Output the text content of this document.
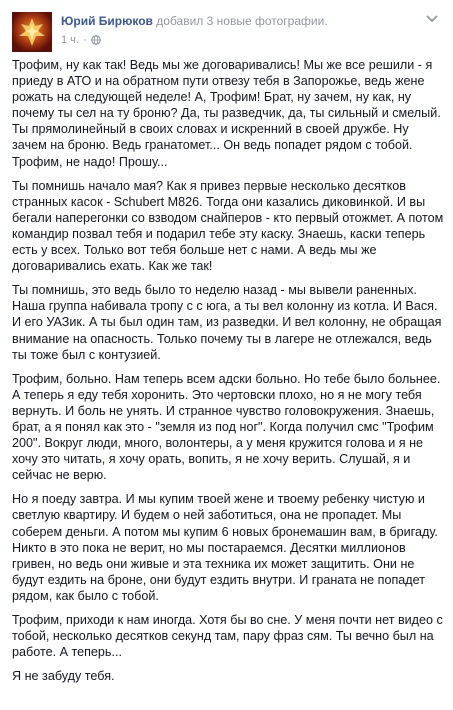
Юрий Бирюков добавил 3 новые фотографии.
1 ч. ·

Трофим, ну как так! Ведь мы же договаривались! Мы же все решили - я приеду в АТО и на обратном пути отвезу тебя в Запорожье, ведь жене рожать на следующей неделе! А, Трофим! Брат, ну зачем, ну как, ну почему ты сел на ту броню? Да, ты разведчик, да, ты сильный и смелый. Ты прямолинейный в своих словах и искренний в своей дружбе. Ну зачем на броню. Ведь гранатомет... Он ведь попадет рядом с тобой. Трофим, не надо! Прошу...

Ты помнишь начало мая? Как я привез первые несколько десятков странных касок - Schubert M826. Тогда они казались диковинкой. И вы бегали наперегонки со взводом снайперов - кто первый отожмет. А потом командир позвал тебя и подарил тебе эту каску. Знаешь, каски теперь есть у всех. Только вот тебя больше нет с нами. А ведь мы же договаривались ехать. Как же так!

Ты помнишь, это ведь было то неделю назад - мы вывели раненных. Наша группа набивала тропу с с юга, а ты вел колонну из котла. И Вася. И его УАЗик. А ты был один там, из разведки. И вел колонну, не обращая внимание на опасность. Только почему ты в лагере не отлежался, ведь ты тоже был с контузией.

Трофим, больно. Нам теперь всем адски больно. Но тебе было больнее. А теперь я еду тебя хоронить. Это чертовски плохо, но я не могу тебя вернуть. И боль не унять. И странное чувство головокружения. Знаешь, брат, а я понял как это - "земля из под ног". Когда получил смс "Трофим 200". Вокруг люди, много, волонтеры, а у меня кружится голова и я не хочу это читать, я хочу орать, вопить, я не хочу верить. Слушай, я и сейчас не верю.

Но я поеду завтра. И мы купим твоей жене и твоему ребенку чистую и светлую квартиру. И будем о ней заботиться, она не пропадет. Мы соберем деньги. А потом мы купим 6 новых бронемашин вам, в бригаду. Никто в это пока не верит, но мы постараемся. Десятки миллионов гривен, но ведь они живые и эта техника их может защитить. Они не будут ездить на броне, они будут ездить внутри. И граната не попадет рядом, как было с тобой.

Трофим, приходи к нам иногда. Хотя бы во сне. У меня почти нет видео с тобой, несколько десятков секунд там, пару фраз сям. Ты вечно был на работе. А теперь...

Я не забуду тебя.
